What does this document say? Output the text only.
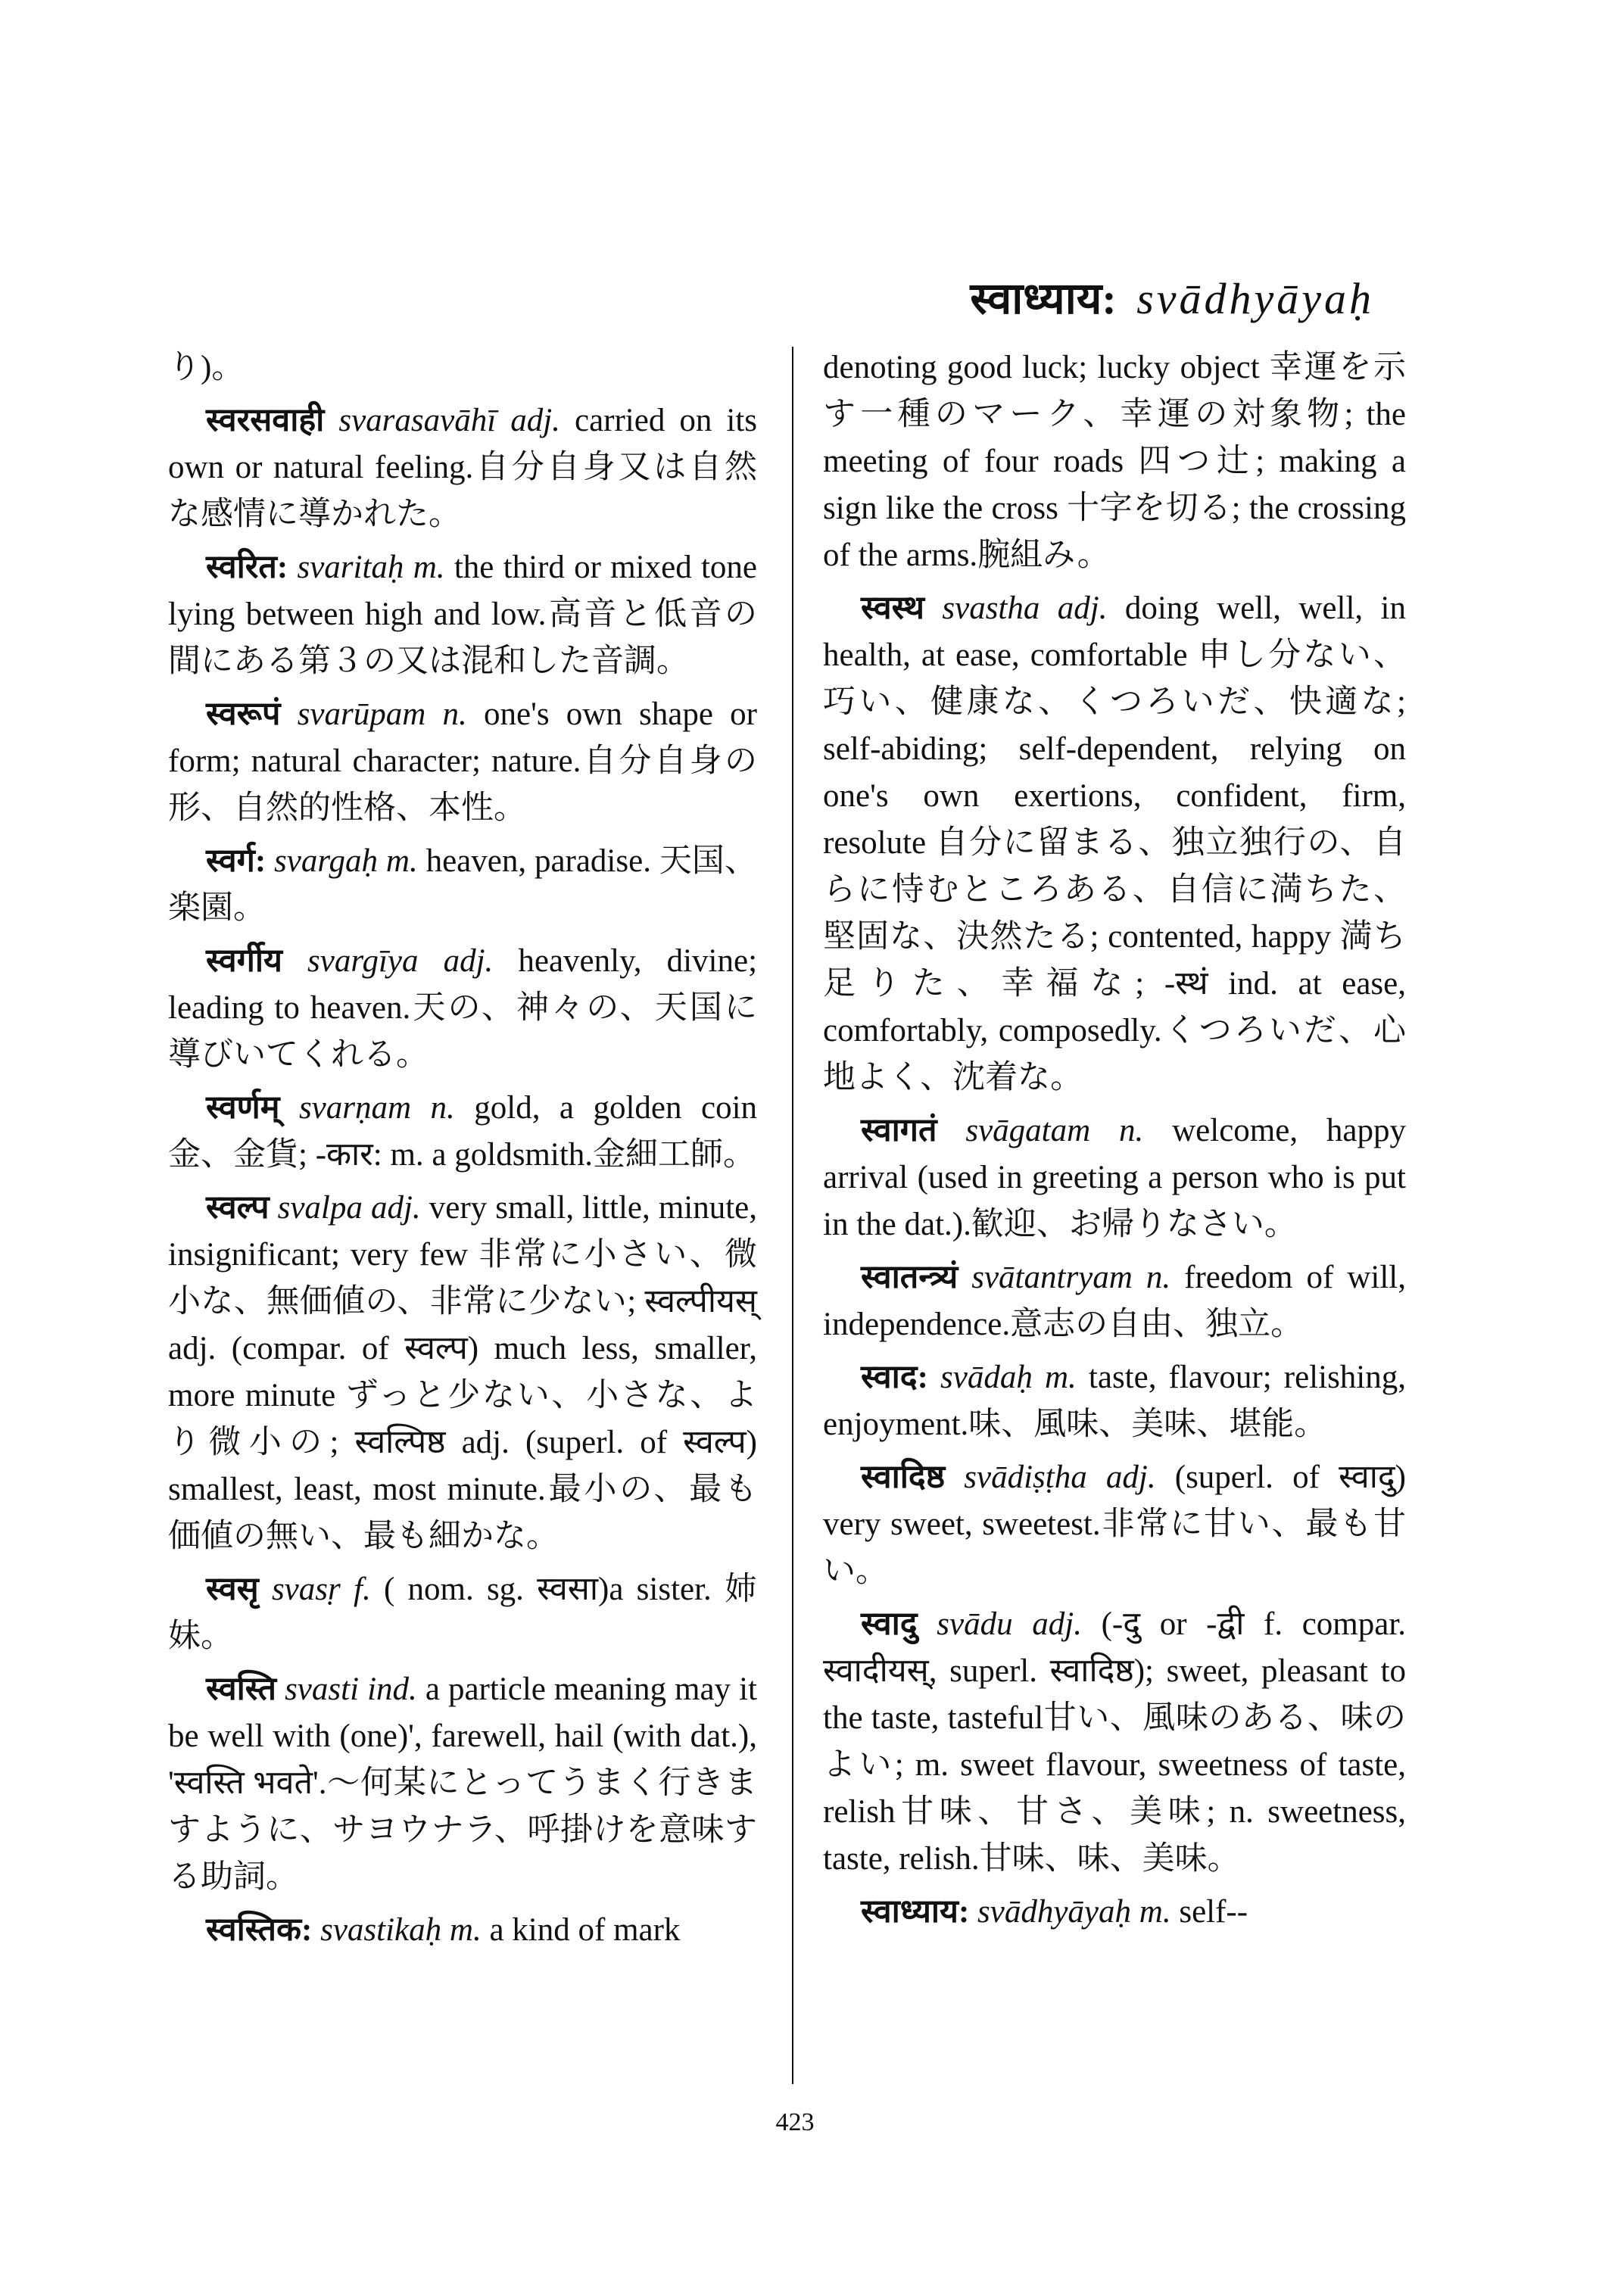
स्वाध्याय: svādhyāyaḥ

り)。

स्वरसवाही svarasavāhī adj. carried on its own or natural feeling.自分自身又は自然な感情に導かれた。

स्वरित: svaritaḥ m. the third or mixed tone lying between high and low.高音と低音の間にある第３の又は混和した音調。

स्वरूपं svarūpam n. one's own shape or form; natural character; nature.自分自身の形、自然的性格、本性。

स्वर्ग: svargaḥ m. heaven, paradise. 天国、楽園。

स्वर्गीय svargīya adj. heavenly, divine; leading to heaven.天の、神々の、天国に導びいてくれる。

स्वर्णम् svarṇam n. gold, a golden coin 金、金貨; -कार: m. a goldsmith.金細工師。

स्वल्प svalpa adj. very small, little, minute, insignificant; very few 非常に小さい、微小な、無価値の、非常に少ない; स्वल्पीयस् adj. (compar. of स्वल्प) much less, smaller, more minute ずっと少ない、小さな、より微小の; स्वल्पिष्ठ adj. (superl. of स्वल्प) smallest, least, most minute.最小の、最も価値の無い、最も細かな。

स्वसृ svasṛ f. ( nom. sg. स्वसा)a sister. 姉妹。

स्वस्ति svasti ind. a particle meaning may it be well with (one)', farewell, hail (with dat.), 'स्वस्ति भवते'.～何某にとってうまく行きますように、サヨウナラ、呼掛けを意味する助詞。

स्वस्तिक: svastikaḥ m. a kind of mark

denoting good luck; lucky object 幸運を示す一種のマーク、幸運の対象物; the meeting of four roads 四つ辻; making a sign like the cross 十字を切る; the crossing of the arms.腕組み。

स्वस्थ svastha adj. doing well, well, in health, at ease, comfortable 申し分ない、巧い、健康な、くつろいだ、快適な; self-abiding; self-dependent, relying on one's own exertions, confident, firm, resolute 自分に留まる、独立独行の、自らに恃むところある、自信に満ちた、堅固な、決然たる; contented, happy 満ち足りた、幸福な; -स्थं ind. at ease, comfortably, composedly.くつろいだ、心地よく、沈着な。

स्वागतं svāgatam n. welcome, happy arrival (used in greeting a person who is put in the dat.).歓迎、お帰りなさい。

स्वातन्त्र्यं svātantryam n. freedom of will, independence.意志の自由、独立。

स्वाद: svādaḥ m. taste, flavour; relishing, enjoyment.味、風味、美味、堪能。

स्वादिष्ठ svādiṣṭha adj. (superl. of स्वादु) very sweet, sweetest.非常に甘い、最も甘い。

स्वादु svādu adj. (-दु or -द्वी f. compar. स्वादीयस्, superl. स्वादिष्ठ); sweet, pleasant to the taste, tasteful甘い、風味のある、味のよい; m. sweet flavour, sweetness of taste, relish甘味、甘さ、美味; n. sweetness, taste, relish.甘味、味、美味。

स्वाध्याय: svādhyāyaḥ m. self--

423
